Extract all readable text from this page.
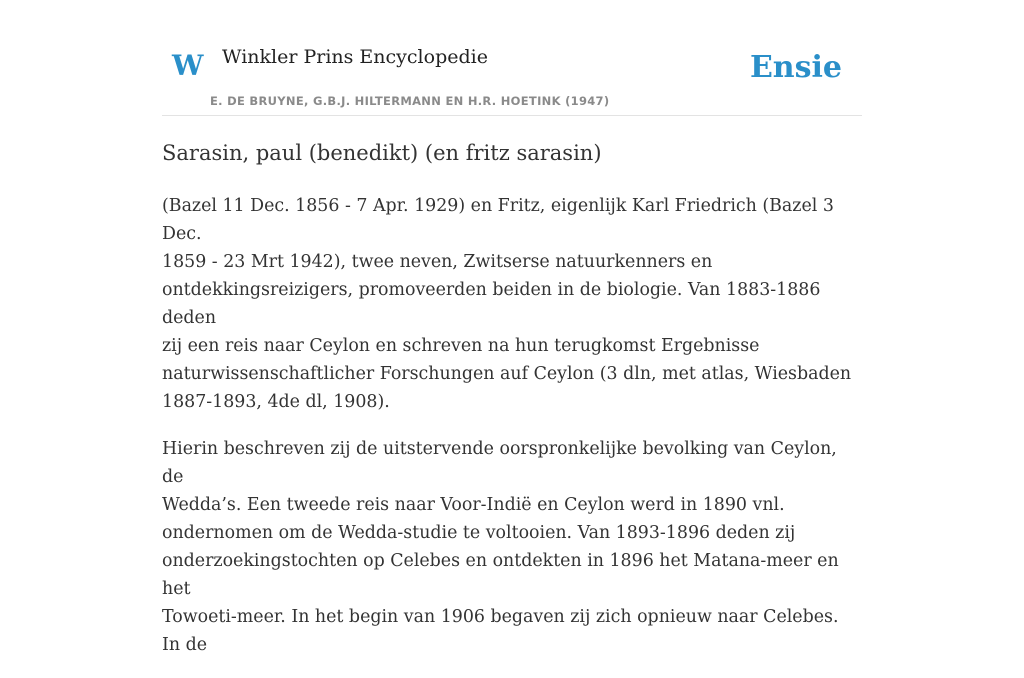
W Winkler Prins Encyclopedie
E. DE BRUYNE, G.B.J. HILTERMANN EN H.R. HOETINK (1947)
Ensie
Sarasin, paul (benedikt) (en fritz sarasin)

(Bazel 11 Dec. 1856 - 7 Apr. 1929) en Fritz, eigenlijk Karl Friedrich (Bazel 3 Dec.
1859 - 23 Mrt 1942), twee neven, Zwitserse natuurkenners en
ontdekkingsreizigers, promoveerden beiden in de biologie. Van 1883-1886 deden
zij een reis naar Ceylon en schreven na hun terugkomst Ergebnisse
naturwissenschaftlicher Forschungen auf Ceylon (3 dln, met atlas, Wiesbaden
1887-1893, 4de dl, 1908).

Hierin beschreven zij de uitstervende oorspronkelijke bevolking van Ceylon, de
Wedda’s. Een tweede reis naar Voor-Indië en Ceylon werd in 1890 vnl.
ondernomen om de Wedda-studie te voltooien. Van 1893-1896 deden zij
onderzoekingstochten op Celebes en ontdekten in 1896 het Matana-meer en het
Towoeti-meer. In het begin van 1906 begaven zij zich opnieuw naar Celebes. In de
